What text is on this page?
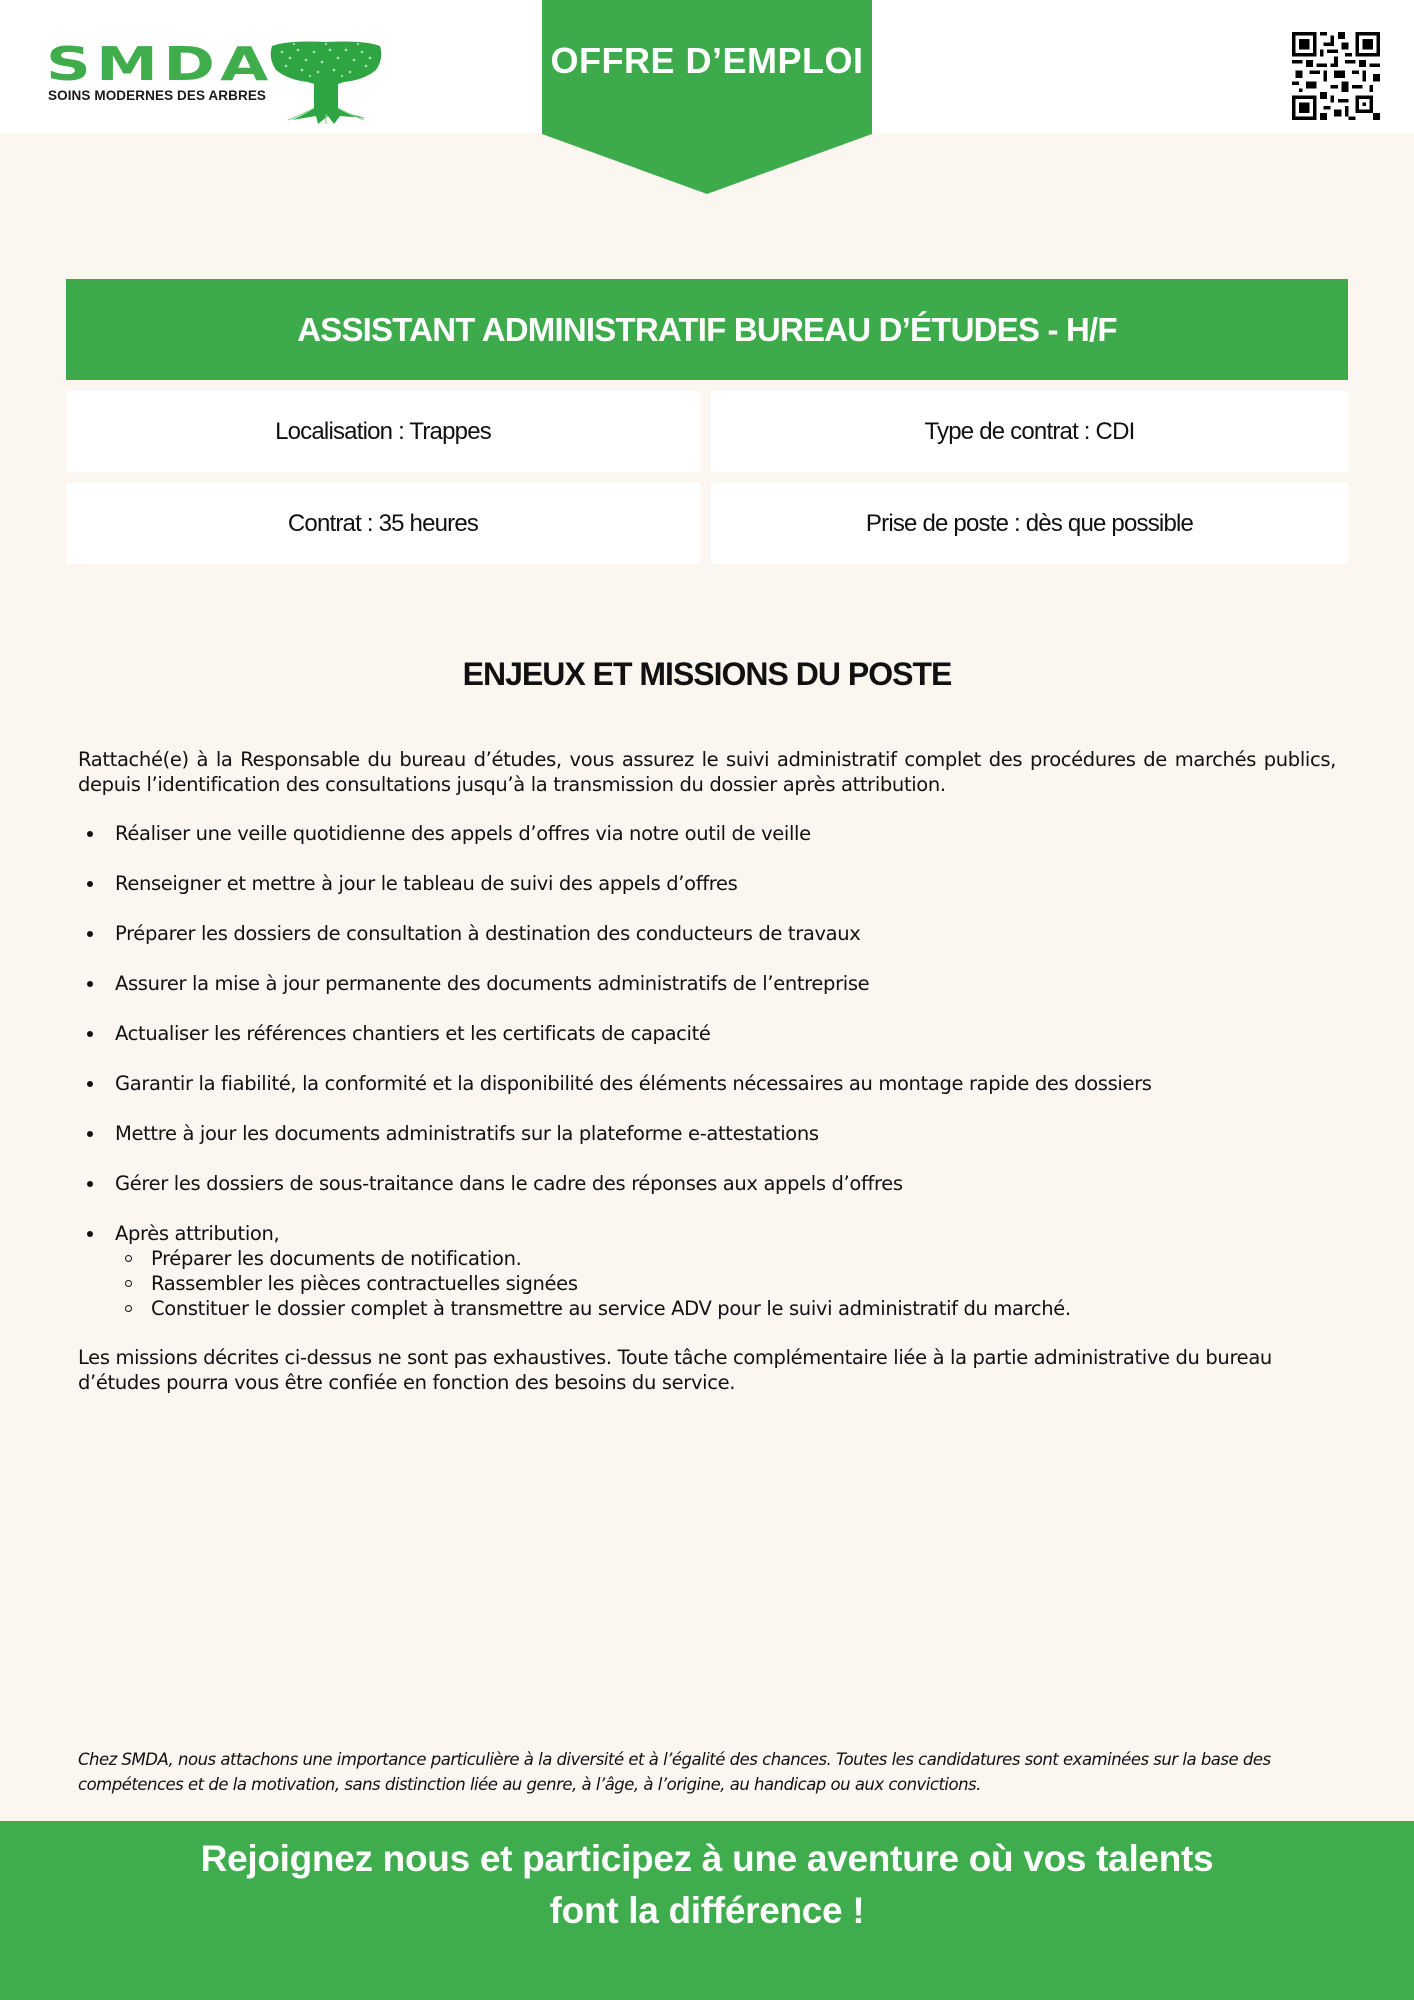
SMDA
SOINS MODERNES DES ARBRES
OFFRE D’EMPLOI
ASSISTANT ADMINISTRATIF BUREAU D’ÉTUDES - H/F
Localisation : Trappes	Type de contrat : CDI
Contrat : 35 heures	Prise de poste : dès que possible
ENJEUX ET MISSIONS DU POSTE

Rattaché(e) à la Responsable du bureau d’études, vous assurez le suivi administratif complet des procédures de marchés publics, depuis l’identification des consultations jusqu’à la transmission du dossier après attribution.

Réaliser une veille quotidienne des appels d’offres via notre outil de veille
Renseigner et mettre à jour le tableau de suivi des appels d’offres
Préparer les dossiers de consultation à destination des conducteurs de travaux
Assurer la mise à jour permanente des documents administratifs de l’entreprise
Actualiser les références chantiers et les certificats de capacité
Garantir la fiabilité, la conformité et la disponibilité des éléments nécessaires au montage rapide des dossiers
Mettre à jour les documents administratifs sur la plateforme e-attestations
Gérer les dossiers de sous-traitance dans le cadre des réponses aux appels d’offres
Après attribution,
Préparer les documents de notification.
Rassembler les pièces contractuelles signées
Constituer le dossier complet à transmettre au service ADV pour le suivi administratif du marché.

Les missions décrites ci-dessus ne sont pas exhaustives. Toute tâche complémentaire liée à la partie administrative du bureau d’études pourra vous être confiée en fonction des besoins du service.

Chez SMDA, nous attachons une importance particulière à la diversité et à l’égalité des chances. Toutes les candidatures sont examinées sur la base des compétences et de la motivation, sans distinction liée au genre, à l’âge, à l’origine, au handicap ou aux convictions.

Rejoignez nous et participez à une aventure où vos talents
font la différence !
